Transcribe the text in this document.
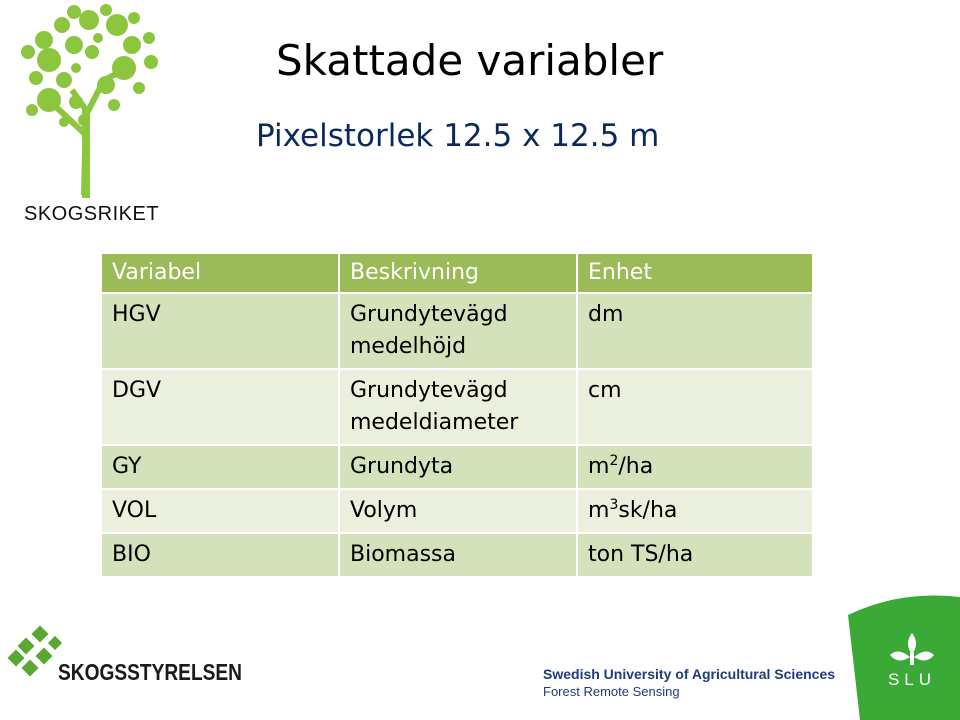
SKOGSRIKET
Skattade variabler
Pixelstorlek 12.5 x 12.5 m
Variabel	Beskrivning	Enhet
HGV	Grundytevägd medelhöjd	dm
DGV	Grundytevägd medeldiameter	cm
GY	Grundyta	$m^2/ha$
VOL	Volym	$m^3sk/ha$
BIO	Biomassa	ton TS/ha
SKOGSSTYRELSEN	Swedish University of Agricultural Sciences
Forest Remote Sensing
SLU
